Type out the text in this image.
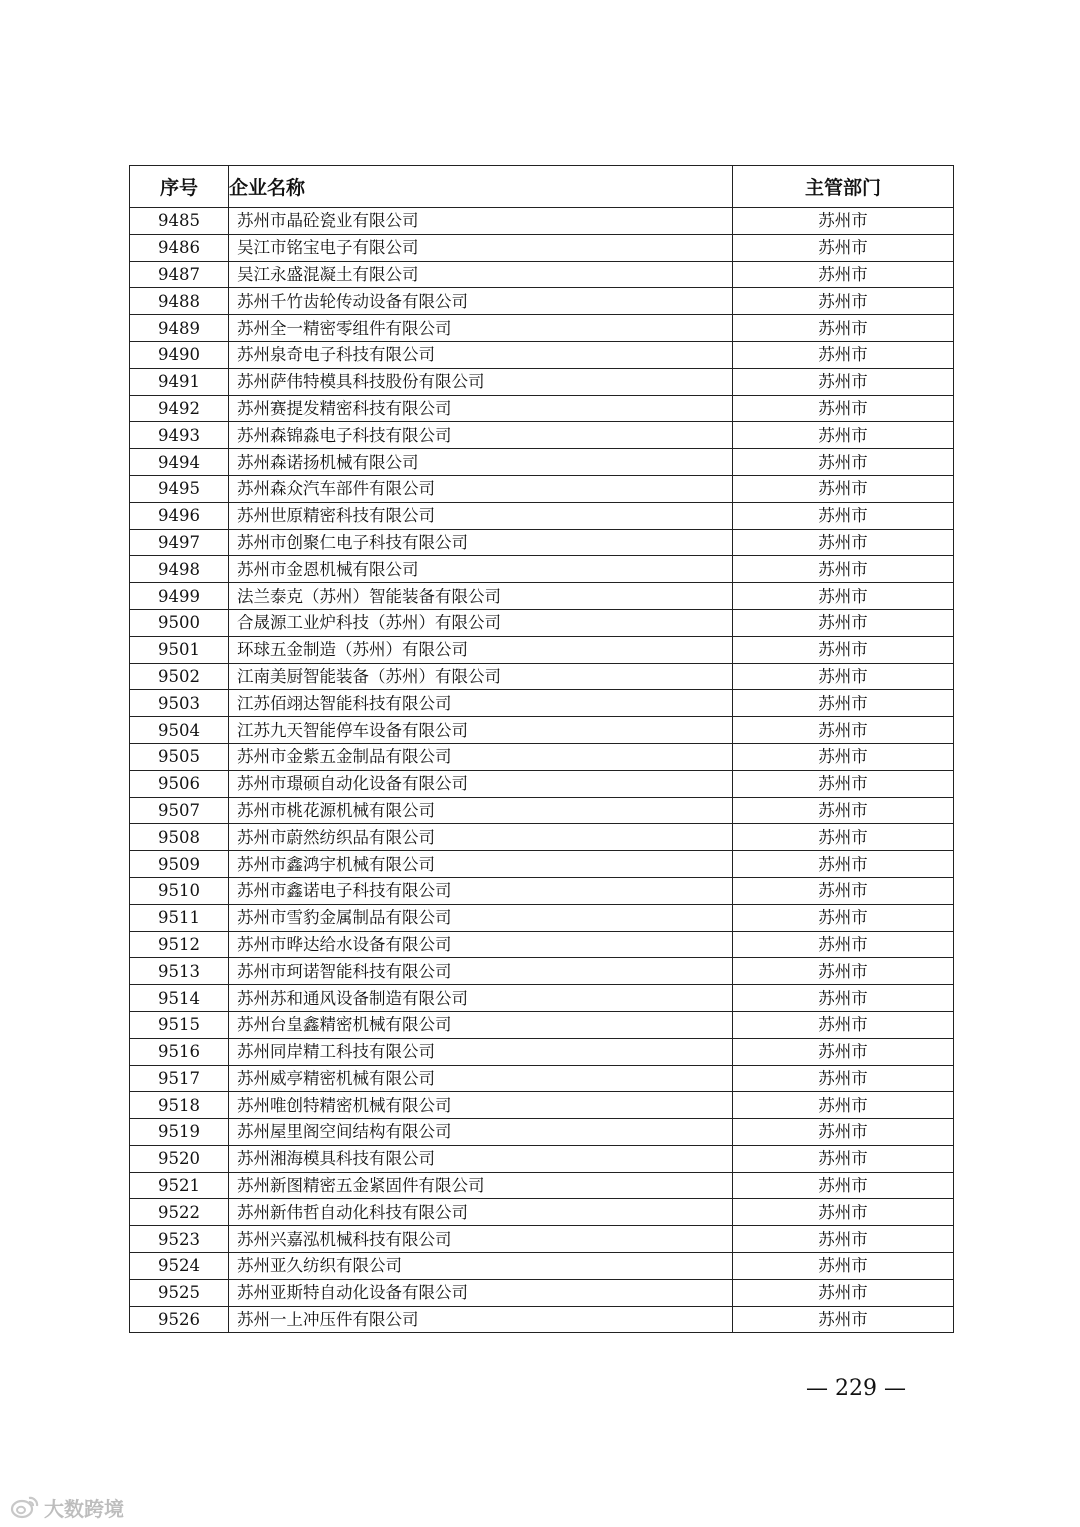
序号	企业名称	主管部门
9485	苏州市晶砼瓷业有限公司	苏州市
9486	吴江市铭宝电子有限公司	苏州市
9487	吴江永盛混凝土有限公司	苏州市
9488	苏州千竹齿轮传动设备有限公司	苏州市
9489	苏州全一精密零组件有限公司	苏州市
9490	苏州泉奇电子科技有限公司	苏州市
9491	苏州萨伟特模具科技股份有限公司	苏州市
9492	苏州赛提发精密科技有限公司	苏州市
9493	苏州森锦淼电子科技有限公司	苏州市
9494	苏州森诺扬机械有限公司	苏州市
9495	苏州森众汽车部件有限公司	苏州市
9496	苏州世原精密科技有限公司	苏州市
9497	苏州市创聚仁电子科技有限公司	苏州市
9498	苏州市金恩机械有限公司	苏州市
9499	法兰泰克（苏州）智能装备有限公司	苏州市
9500	合晟源工业炉科技（苏州）有限公司	苏州市
9501	环球五金制造（苏州）有限公司	苏州市
9502	江南美厨智能装备（苏州）有限公司	苏州市
9503	江苏佰翊达智能科技有限公司	苏州市
9504	江苏九天智能停车设备有限公司	苏州市
9505	苏州市金紫五金制品有限公司	苏州市
9506	苏州市璟硕自动化设备有限公司	苏州市
9507	苏州市桃花源机械有限公司	苏州市
9508	苏州市蔚然纺织品有限公司	苏州市
9509	苏州市鑫鸿宇机械有限公司	苏州市
9510	苏州市鑫诺电子科技有限公司	苏州市
9511	苏州市雪豹金属制品有限公司	苏州市
9512	苏州市晔达给水设备有限公司	苏州市
9513	苏州市珂诺智能科技有限公司	苏州市
9514	苏州苏和通风设备制造有限公司	苏州市
9515	苏州台皇鑫精密机械有限公司	苏州市
9516	苏州同岸精工科技有限公司	苏州市
9517	苏州威亭精密机械有限公司	苏州市
9518	苏州唯创特精密机械有限公司	苏州市
9519	苏州屋里阁空间结构有限公司	苏州市
9520	苏州湘海模具科技有限公司	苏州市
9521	苏州新图精密五金紧固件有限公司	苏州市
9522	苏州新伟哲自动化科技有限公司	苏州市
9523	苏州兴嘉泓机械科技有限公司	苏州市
9524	苏州亚久纺织有限公司	苏州市
9525	苏州亚斯特自动化设备有限公司	苏州市
9526	苏州一上冲压件有限公司	苏州市
— 229 —
大数跨境
